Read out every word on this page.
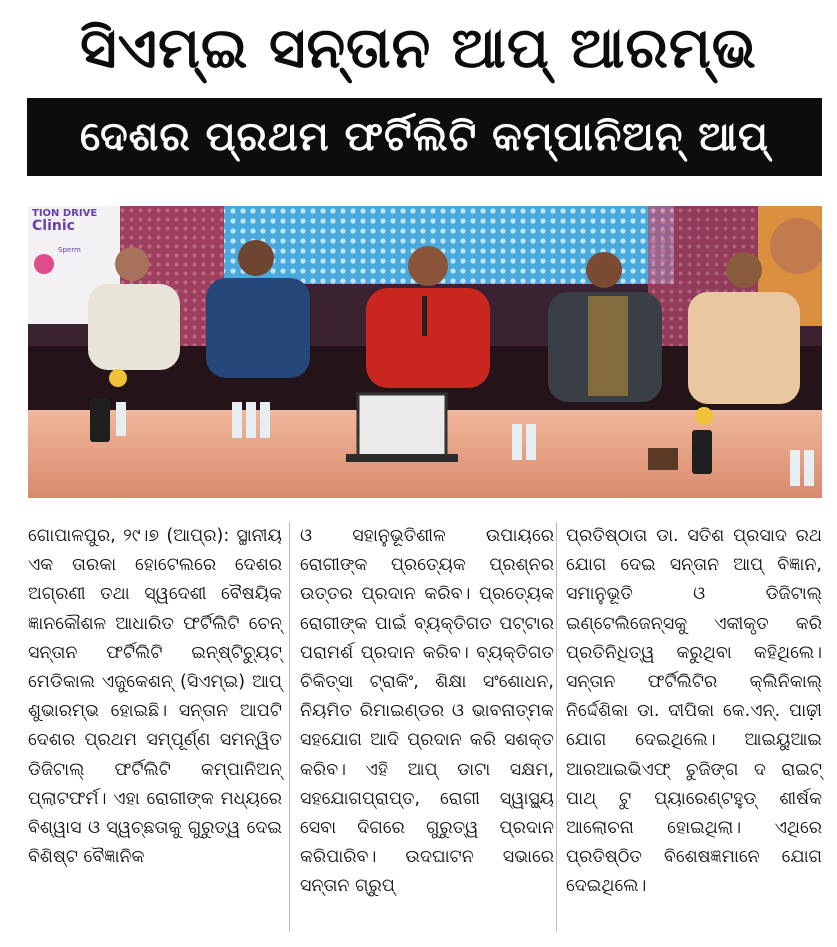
ସିଏମ୍ଇ ସନ୍ତାନ ଆପ୍ ଆରମ୍ଭ
ଦେଶର ପ୍ରଥମ ଫର୍ଟିଲିଟି କମ୍ପାନିଅନ୍ ଆପ୍
TION DRIVE
Clinic
Sperm
ଗୋପାଳପୁର, ୨୯।୭ (ଆପ୍ର): ସ୍ଥାନୀୟ ଏକ ତାରକା ହୋଟେଲରେ ଦେଶର ଅଗ୍ରଣୀ ତଥା ସ୍ୱଦେଶୀ ବୈଷୟିକ ଜ୍ଞାନକୌଶଳ ଆଧାରିତ ଫର୍ଟିଲିଟି ଚେନ୍ ସନ୍ତାନ ଫର୍ଟିଲିଟି ଇନ୍ଷ୍ଟିଚ୍ୟୁଟ୍ ମେଡିକାଲ ଏଜୁକେଶନ୍ (ସିଏମ୍ଇ) ଆପ୍ ଶୁଭାରମ୍ଭ ହୋଇଛି। ସନ୍ତାନ ଆପଟି ଦେଶର ପ୍ରଥମ ସମ୍ପୂର୍ଣ୍ଣ ସମନ୍ୱିତ ଡିଜିଟାଲ୍ ଫର୍ଟିଲିଟି କମ୍ପାନିଅନ୍ ପ୍ଲାଟଫର୍ମ। ଏହା ରୋଗୀଙ୍କ ମଧ୍ୟରେ ବିଶ୍ୱାସ ଓ ସ୍ୱଚ୍ଛତାକୁ ଗୁରୁତ୍ୱ ଦେଇ ବିଶିଷ୍ଟ ବୈଜ୍ଞାନିକ
ଓ ସହାନୁଭୂତିଶୀଳ ଉପାୟରେ ରୋଗୀଙ୍କ ପ୍ରତ୍ୟେକ ପ୍ରଶ୍ନର ଉତ୍ତର ପ୍ରଦାନ କରିବ। ପ୍ରତ୍ୟେକ ରୋଗୀଙ୍କ ପାଇଁ ବ୍ୟକ୍ତିଗତ ପଟ୍ଟାର ପରାମର୍ଶ ପ୍ରଦାନ କରିବ। ବ୍ୟକ୍ତିଗତ ଚିକିତ୍ସା ଟ୍ରାକିଂ, ଶିକ୍ଷା ସଂଶୋଧନ, ନିୟମିତ ରିମାଇଣ୍ଡର ଓ ଭାବନାତ୍ମକ ସହଯୋଗ ଆଦି ପ୍ରଦାନ କରି ସଶକ୍ତ କରିବ। ଏହି ଆପ୍ ଡାଟା ସକ୍ଷମ, ସହଯୋଗପ୍ରାପ୍ତ, ରୋଗୀ ସ୍ୱାସ୍ଥ୍ୟ ସେବା ଦିଗରେ ଗୁରୁତ୍ୱ ପ୍ରଦାନ କରିପାରିବ। ଉଦଘାଟନ ସଭାରେ ସନ୍ତାନ ଗ୍ରୁପ୍
ପ୍ରତିଷ୍ଠାତା ଡା. ସତିଶ ପ୍ରସାଦ ରଥ ଯୋଗ ଦେଇ ସନ୍ତାନ ଆପ୍ ବିଜ୍ଞାନ, ସମାନୁଭୂତି ଓ ଡିଜିଟାଲ୍ ଇଣ୍ଟେଲିଜେନ୍ସକୁ ଏକୀକୃତ କରି ପ୍ରତିନିଧିତ୍ୱ କରୁଥିବା କହିଥିଲେ। ସନ୍ତାନ ଫର୍ଟିଲିଟିର କ୍ଲିନିକାଲ୍ ନିର୍ଦ୍ଦେଶିକା ଡା. ଦୀପିକା କେ.ଏନ୍. ପାଢ଼ୀ ଯୋଗ ଦେଇଥିଲେ। ଆଇୟୁଆଇ ଆରଆଇଭିଏଫ୍ ଚୁଜିଙ୍ଗ ଦ ରାଇଟ୍ ପାଥ୍ ଟୁ ପ୍ୟାରେଣ୍ଟହୁଡ୍ ଶୀର୍ଷକ ଆଲୋଚନା ହୋଇଥିଲା। ଏଥିରେ ପ୍ରତିଷ୍ଠିତ ବିଶେଷଜ୍ଞମାନେ ଯୋଗ ଦେଇଥିଲେ।
